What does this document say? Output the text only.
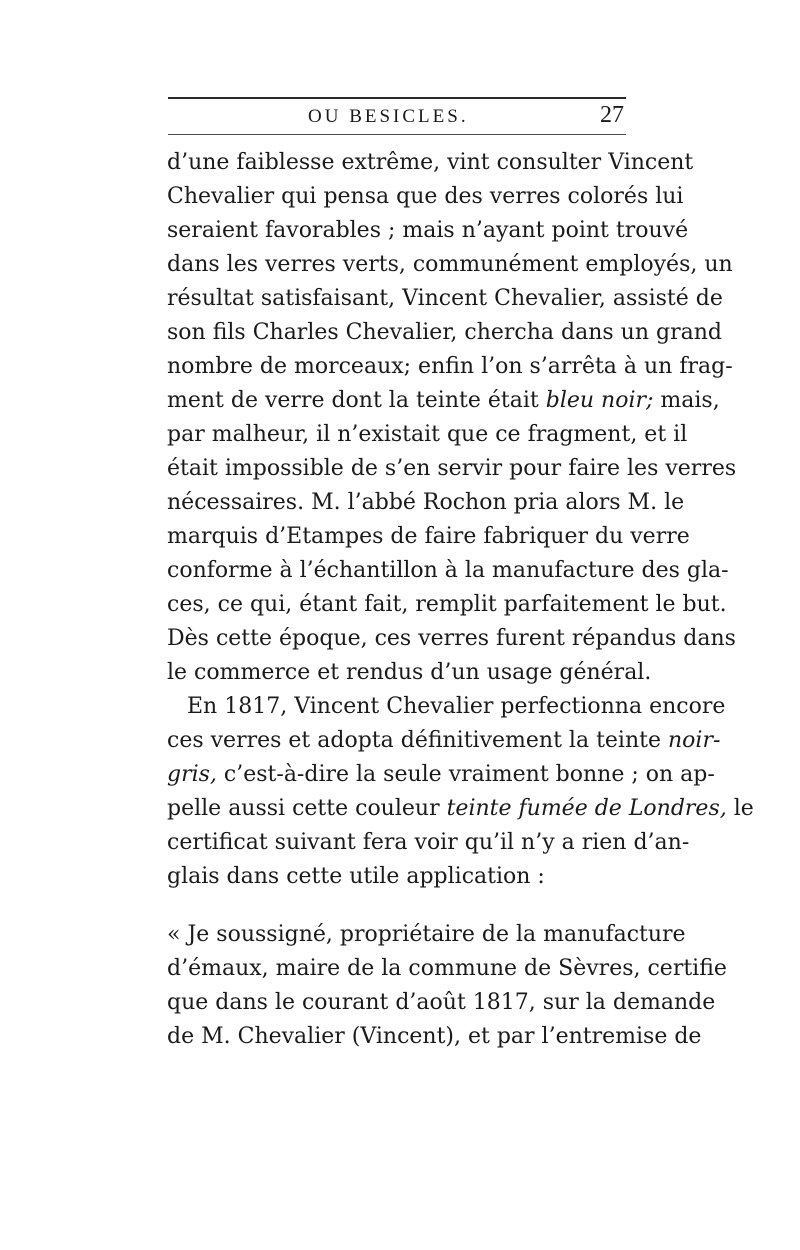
OU BESICLES.	27
d’une faiblesse extrême, vint consulter Vincent
Chevalier qui pensa que des verres colorés lui
seraient favorables ; mais n’ayant point trouvé
dans les verres verts, communément employés, un
résultat satisfaisant, Vincent Chevalier, assisté de
son fils Charles Chevalier, chercha dans un grand
nombre de morceaux; enfin l’on s’arrêta à un frag-
ment de verre dont la teinte était bleu noir; mais,
par malheur, il n’existait que ce fragment, et il
était impossible de s’en servir pour faire les verres
nécessaires. M. l’abbé Rochon pria alors M. le
marquis d’Etampes de faire fabriquer du verre
conforme à l’échantillon à la manufacture des gla-
ces, ce qui, étant fait, remplit parfaitement le but.
Dès cette époque, ces verres furent répandus dans
le commerce et rendus d’un usage général.
En 1817, Vincent Chevalier perfectionna encore
ces verres et adopta définitivement la teinte noir-
gris, c’est-à-dire la seule vraiment bonne ; on ap-
pelle aussi cette couleur teinte fumée de Londres, le
certificat suivant fera voir qu’il n’y a rien d’an-
glais dans cette utile application :
« Je soussigné, propriétaire de la manufacture
d’émaux, maire de la commune de Sèvres, certifie
que dans le courant d’août 1817, sur la demande
de M. Chevalier (Vincent), et par l’entremise de
